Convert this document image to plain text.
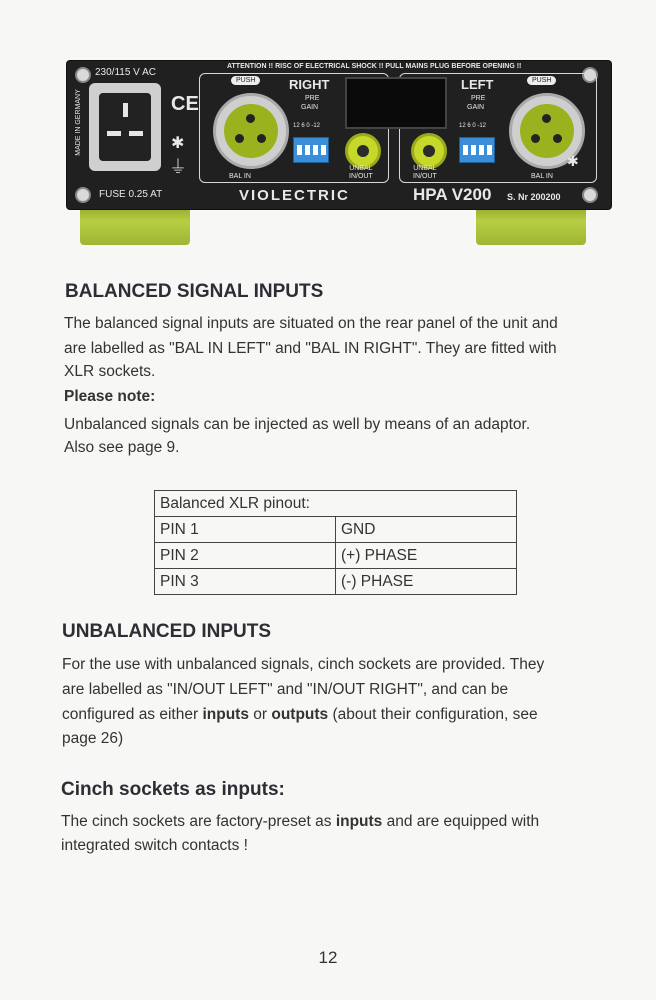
230/115 V AC
MADE IN GERMANY	CE
✱
⏚
FUSE 0.25 AT
ATTENTION !! RISC OF ELECTRICAL SHOCK !! PULL MAINS PLUG BEFORE OPENING !!
PUSH
BAL IN
RIGHT
PRE
GAIN
12 6 0 -12
UNBAL
IN/OUT
UNBAL
IN/OUT
LEFT
PRE
GAIN
12 6 0 -12
PUSH
BAL IN
✱
VIOLECTRIC	HPA V200 S. Nr 200200
BALANCED SIGNAL INPUTS

The balanced signal inputs are situated on the rear panel of the unit and

are labelled as "BAL IN LEFT" and "BAL IN RIGHT". They are fitted with

XLR sockets.

Please note:

Unbalanced signals can be injected as well by means of an adaptor.

Also see page 9.

Balanced XLR pinout:	
PIN 1	GND
PIN 2	(+) PHASE
PIN 3	(-) PHASE
UNBALANCED INPUTS

For the use with unbalanced signals, cinch sockets are provided. They

are labelled as "IN/OUT LEFT" and "IN/OUT RIGHT", and can be

configured as either inputs or outputs (about their configuration, see

page 26)

Cinch sockets as inputs:

The cinch sockets are factory-preset as inputs and are equipped with

integrated switch contacts !

12
